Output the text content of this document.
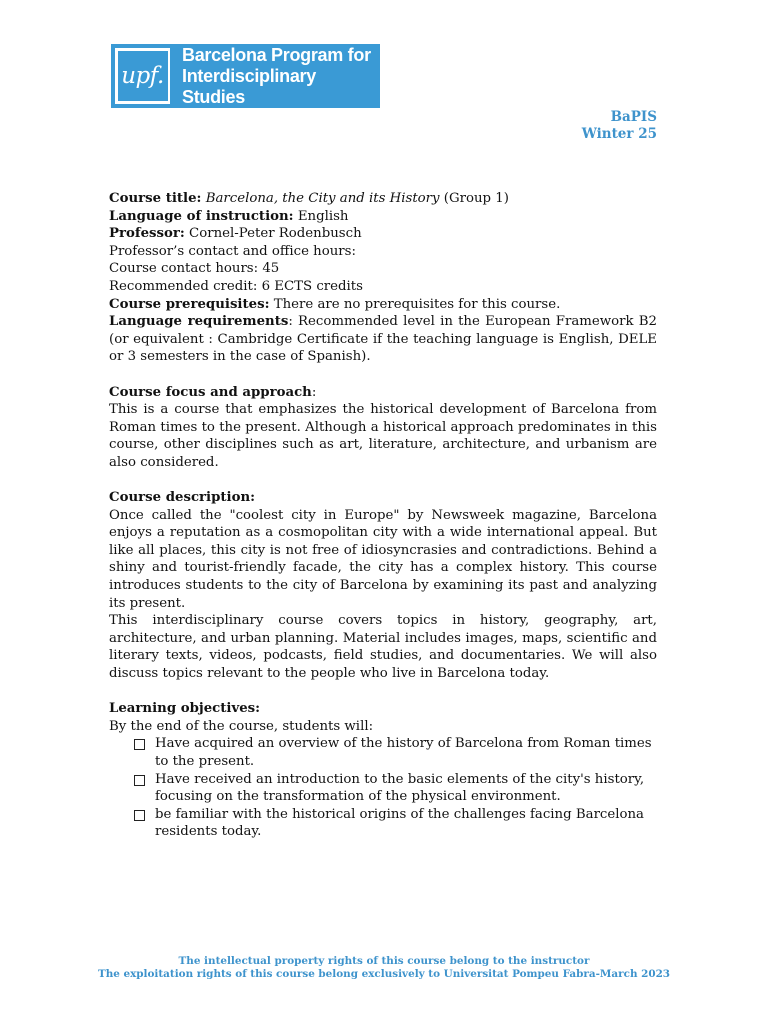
upf.
Barcelona Program for
Interdisciplinary Studies
BaPIS
Winter 25

Course title: Barcelona, the City and its History (Group 1)

Language of instruction: English

Professor: Cornel-Peter Rodenbusch

Professor’s contact and office hours:

Course contact hours: 45

Recommended credit: 6 ECTS credits

Course prerequisites: There are no prerequisites for this course.

Language requirements: Recommended level in the European Framework B2 (or equivalent : Cambridge Certificate if the teaching language is English, DELE or 3 semesters in the case of Spanish).

Course focus and approach:

This is a course that emphasizes the historical development of Barcelona from Roman times to the present. Although a historical approach predominates in this course, other disciplines such as art, literature, architecture, and urbanism are also considered.

Course description:

Once called the "coolest city in Europe" by Newsweek magazine, Barcelona enjoys a reputation as a cosmopolitan city with a wide international appeal. But like all places, this city is not free of idiosyncrasies and contradictions. Behind a shiny and tourist-friendly facade, the city has a complex history. This course introduces students to the city of Barcelona by examining its past and analyzing its present.

This interdisciplinary course covers topics in history, geography, art, architecture, and urban planning. Material includes images, maps, scientific and literary texts, videos, podcasts, field studies, and documentaries. We will also discuss topics relevant to the people who live in Barcelona today.

Learning objectives:

By the end of the course, students will:

Have acquired an overview of the history of Barcelona from Roman times to the present.
Have received an introduction to the basic elements of the city's history, focusing on the transformation of the physical environment.
be familiar with the historical origins of the challenges facing Barcelona residents today.
The intellectual property rights of this course belong to the instructor
The exploitation rights of this course belong exclusively to Universitat Pompeu Fabra-March 2023
